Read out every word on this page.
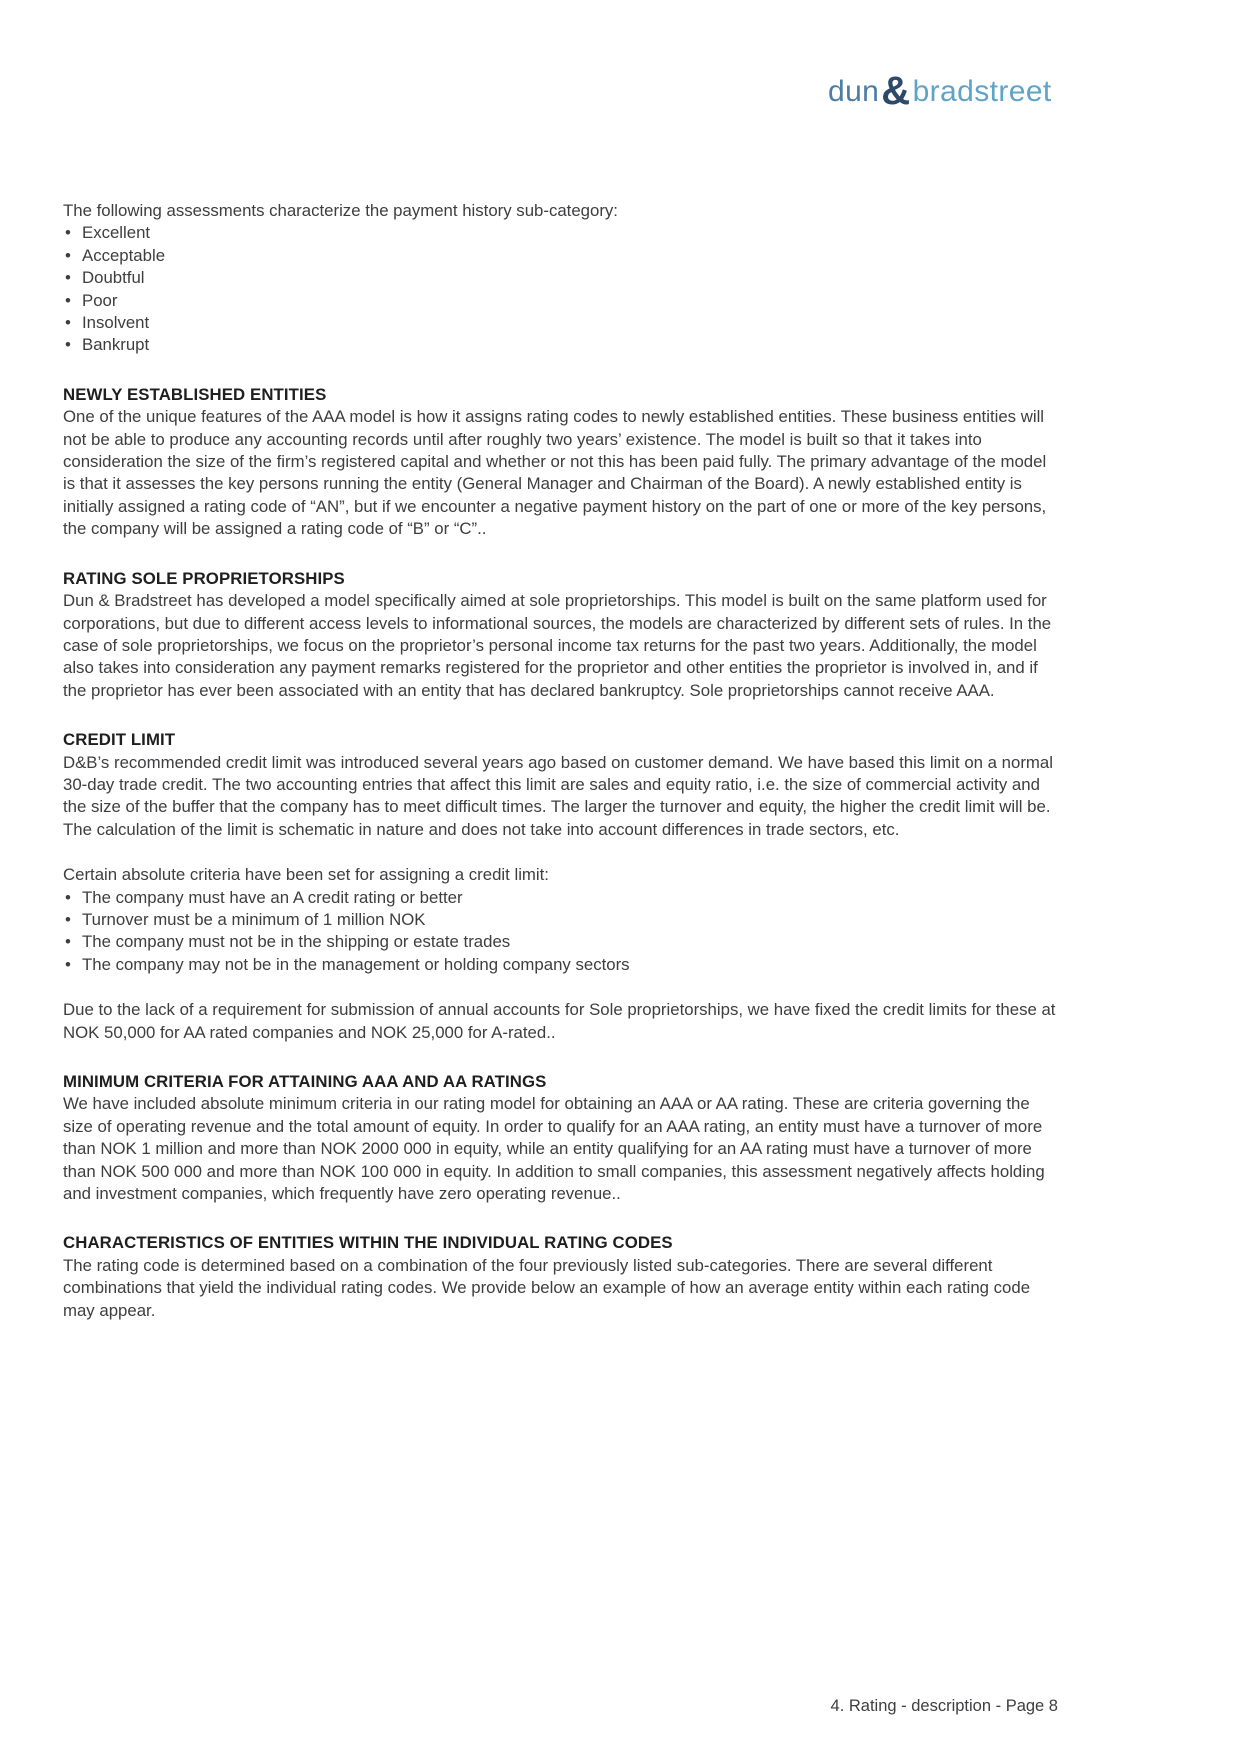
dun & bradstreet

The following assessments characterize the payment history sub-category:

• Excellent
• Acceptable
• Doubtful
• Poor
• Insolvent
• Bankrupt
NEWLY ESTABLISHED ENTITIES

One of the unique features of the AAA model is how it assigns rating codes to newly established entities. These business entities will not be able to produce any accounting records until after roughly two years’ existence. The model is built so that it takes into consideration the size of the firm’s registered capital and whether or not this has been paid fully. The primary advantage of the model is that it assesses the key persons running the entity (General Manager and Chairman of the Board). A newly established entity is initially assigned a rating code of “AN”, but if we encounter a negative payment history on the part of one or more of the key persons, the company will be assigned a rating code of “B” or “C”..

RATING SOLE PROPRIETORSHIPS

Dun & Bradstreet has developed a model specifically aimed at sole proprietorships. This model is built on the same platform used for corporations, but due to different access levels to informational sources, the models are characterized by different sets of rules. In the case of sole proprietorships, we focus on the proprietor’s personal income tax returns for the past two years. Additionally, the model also takes into consideration any payment remarks registered for the proprietor and other entities the proprietor is involved in, and if the proprietor has ever been associated with an entity that has declared bankruptcy. Sole proprietorships cannot receive AAA.

CREDIT LIMIT

D&B’s recommended credit limit was introduced several years ago based on customer demand. We have based this limit on a normal 30-day trade credit. The two accounting entries that affect this limit are sales and equity ratio, i.e. the size of commercial activity and the size of the buffer that the company has to meet difficult times. The larger the turnover and equity, the higher the credit limit will be. The calculation of the limit is schematic in nature and does not take into account differences in trade sectors, etc.

Certain absolute criteria have been set for assigning a credit limit:

• The company must have an A credit rating or better
• Turnover must be a minimum of 1 million NOK
• The company must not be in the shipping or estate trades
• The company may not be in the management or holding company sectors

Due to the lack of a requirement for submission of annual accounts for Sole proprietorships, we have fixed the credit limits for these at NOK 50,000 for AA rated companies and NOK 25,000 for A-rated..

MINIMUM CRITERIA FOR ATTAINING AAA AND AA RATINGS

We have included absolute minimum criteria in our rating model for obtaining an AAA or AA rating. These are criteria governing the size of operating revenue and the total amount of equity. In order to qualify for an AAA rating, an entity must have a turnover of more than NOK 1 million and more than NOK 2000 000 in equity, while an entity qualifying for an AA rating must have a turnover of more than NOK 500 000 and more than NOK 100 000 in equity. In addition to small companies, this assessment negatively affects holding and investment companies, which frequently have zero operating revenue..

CHARACTERISTICS OF ENTITIES WITHIN THE INDIVIDUAL RATING CODES

The rating code is determined based on a combination of the four previously listed sub-categories. There are several different combinations that yield the individual rating codes. We provide below an example of how an average entity within each rating code may appear.

4. Rating - description - Page 8
